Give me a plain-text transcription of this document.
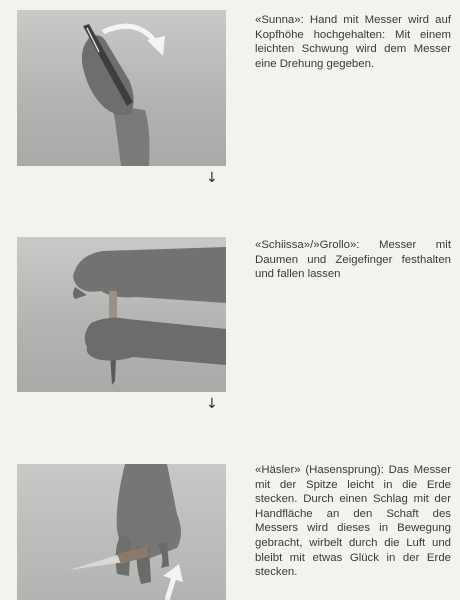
↓
↓
«Sunna»: Hand mit Messer wird auf Kopfhöhe hochgehalten: Mit einem leichten Schwung wird dem Messer eine Drehung gegeben.
«Schiissa»/»Grollo»: Messer mit Daumen und Zeigefinger festhalten und fallen lassen
«Häsler» (Hasensprung): Das Messer mit der Spitze leicht in die Erde stecken. Durch einen Schlag mit der Handfläche an den Schaft des Messers wird dieses in Bewegung gebracht, wirbelt durch die Luft und bleibt mit etwas Glück in der Erde stecken.
